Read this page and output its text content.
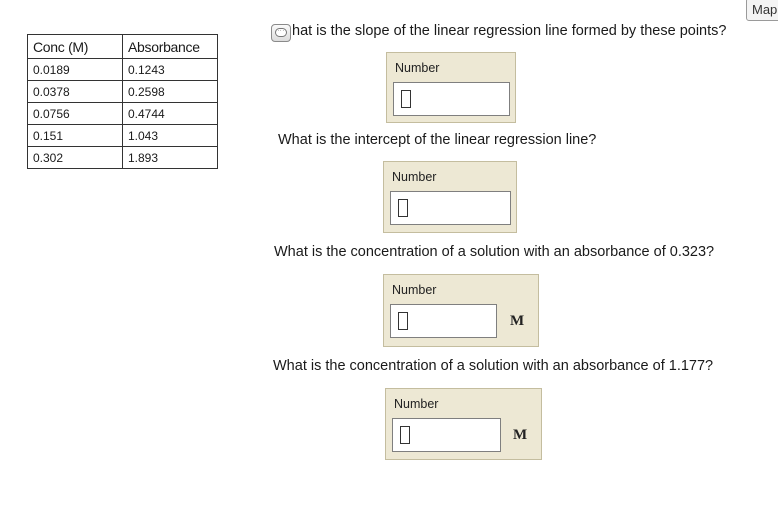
Map
Conc (M)	Absorbance
0.0189	0.1243
0.0378	0.2598
0.0756	0.4744
0.151	1.043
0.302	1.893
··· hat is the slope of the linear regression line formed by these points?
Number
What is the intercept of the linear regression line?
Number
What is the concentration of a solution with an absorbance of 0.323?
Number
M
What is the concentration of a solution with an absorbance of 1.177?
Number
M
